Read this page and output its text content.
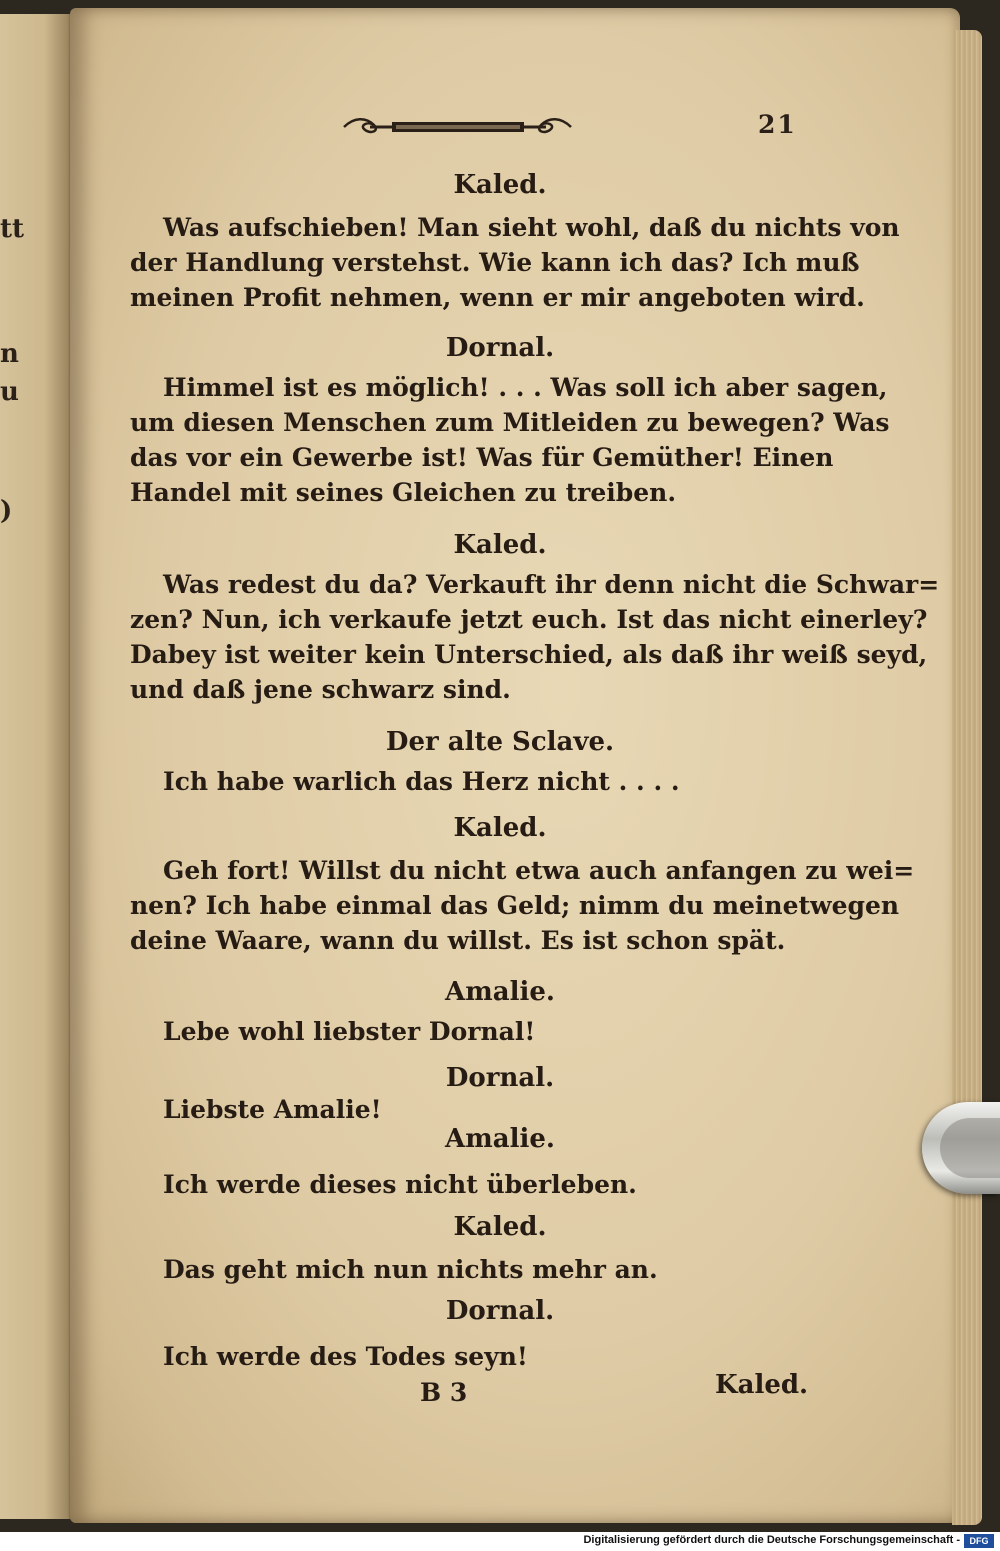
tt
n
u
)
21

Kaled.

Was aufschieben! Man sieht wohl, daß du nichts von

der Handlung verstehst. Wie kann ich das? Ich muß

meinen Profit nehmen, wenn er mir angeboten wird.

Dornal.

Himmel ist es möglich! . . . Was soll ich aber sagen,

um diesen Menschen zum Mitleiden zu bewegen? Was

das vor ein Gewerbe ist! Was für Gemüther! Einen

Handel mit seines Gleichen zu treiben.

Kaled.

Was redest du da? Verkauft ihr denn nicht die Schwar=

zen? Nun, ich verkaufe jetzt euch. Ist das nicht einerley?

Dabey ist weiter kein Unterschied, als daß ihr weiß seyd,

und daß jene schwarz sind.

Der alte Sclave.

Ich habe warlich das Herz nicht . . . .

Kaled.

Geh fort! Willst du nicht etwa auch anfangen zu wei=

nen? Ich habe einmal das Geld; nimm du meinetwegen

deine Waare, wann du willst. Es ist schon spät.

Amalie.

Lebe wohl liebster Dornal!

Dornal.

Liebste Amalie!

Amalie.

Ich werde dieses nicht überleben.

Kaled.

Das geht mich nun nichts mehr an.

Dornal.

Ich werde des Todes seyn!

B 3	Kaled.

Digitalisierung gefördert durch die Deutsche Forschungsgemeinschaft -	DFG
